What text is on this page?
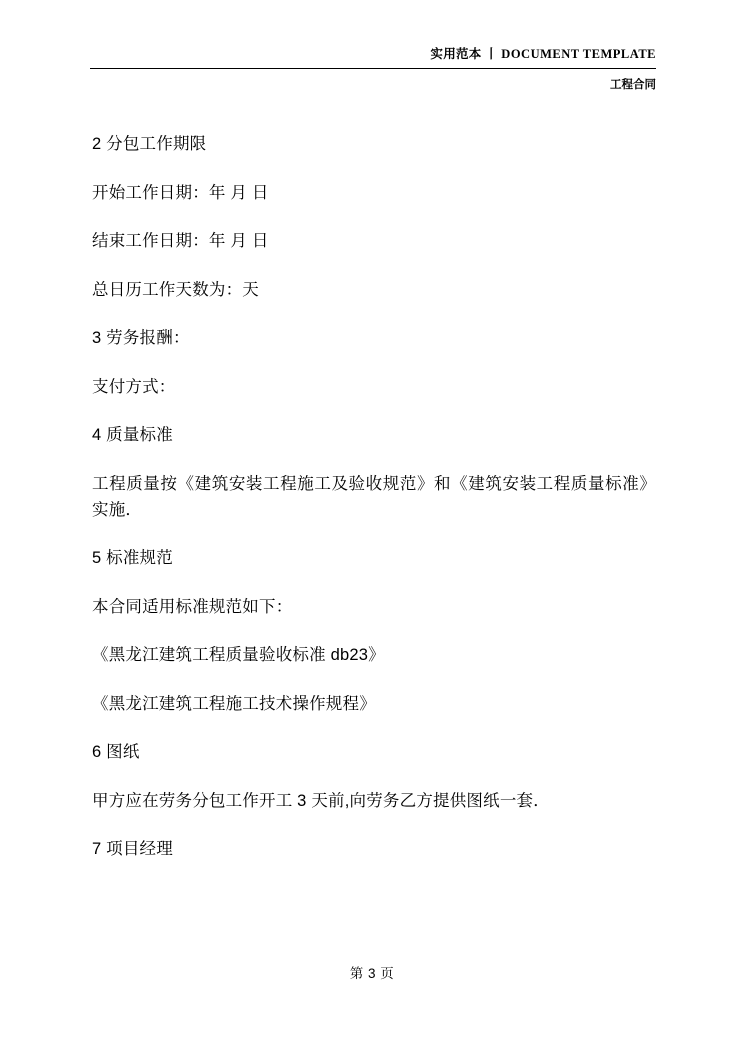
实用范本 丨 DOCUMENT TEMPLATE
工程合同

2 分包工作期限

开始工作日期：年 月 日

结束工作日期：年 月 日

总日历工作天数为：天

3 劳务报酬：

支付方式：

4 质量标准

工程质量按《建筑安装工程施工及验收规范》和《建筑安装工程质量标准》实施．

5 标准规范

本合同适用标准规范如下：

《黑龙江建筑工程质量验收标准 db23》

《黑龙江建筑工程施工技术操作规程》

6 图纸

甲方应在劳务分包工作开工 3 天前,向劳务乙方提供图纸一套．

7 项目经理

第 3 页
